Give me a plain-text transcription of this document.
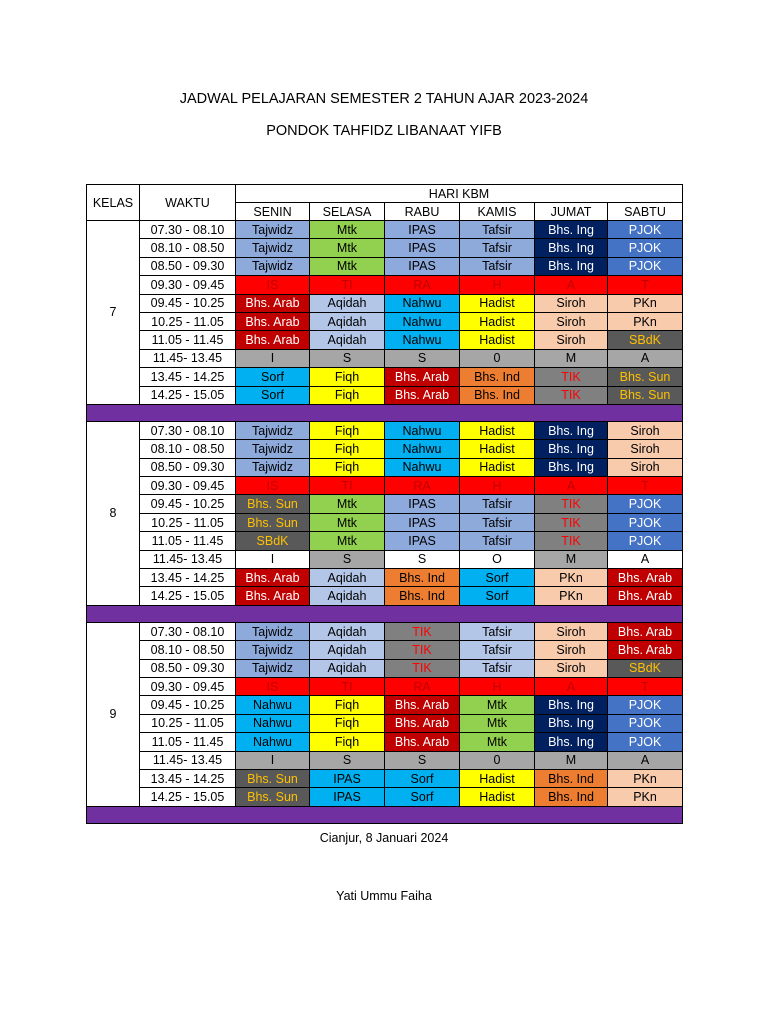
JADWAL PELAJARAN SEMESTER 2 TAHUN AJAR 2023-2024
PONDOK TAHFIDZ LIBANAAT YIFB
KELAS	WAKTU	HARI KBM					
		SENIN	SELASA	RABU	KAMIS	JUMAT	SABTU
7	07.30 - 08.10	Tajwidz	Mtk	IPAS	Tafsir	Bhs. Ing	PJOK
	08.10 - 08.50	Tajwidz	Mtk	IPAS	Tafsir	Bhs. Ing	PJOK
	08.50 - 09.30	Tajwidz	Mtk	IPAS	Tafsir	Bhs. Ing	PJOK
	09.30 - 09.45	IS	TI	RA	H	A	T
	09.45 - 10.25	Bhs. Arab	Aqidah	Nahwu	Hadist	Siroh	PKn
	10.25 - 11.05	Bhs. Arab	Aqidah	Nahwu	Hadist	Siroh	PKn
	11.05 - 11.45	Bhs. Arab	Aqidah	Nahwu	Hadist	Siroh	SBdK
	11.45- 13.45	I	S	S	0	M	A
	13.45 - 14.25	Sorf	Fiqh	Bhs. Arab	Bhs. Ind	TIK	Bhs. Sun
	14.25 - 15.05	Sorf	Fiqh	Bhs. Arab	Bhs. Ind	TIK	Bhs. Sun

8	07.30 - 08.10	Tajwidz	Fiqh	Nahwu	Hadist	Bhs. Ing	Siroh
	08.10 - 08.50	Tajwidz	Fiqh	Nahwu	Hadist	Bhs. Ing	Siroh
	08.50 - 09.30	Tajwidz	Fiqh	Nahwu	Hadist	Bhs. Ing	Siroh
	09.30 - 09.45	IS	TI	RA	H	A	T
	09.45 - 10.25	Bhs. Sun	Mtk	IPAS	Tafsir	TIK	PJOK
	10.25 - 11.05	Bhs. Sun	Mtk	IPAS	Tafsir	TIK	PJOK
	11.05 - 11.45	SBdK	Mtk	IPAS	Tafsir	TIK	PJOK
	11.45- 13.45	I	S	S	O	M	A
	13.45 - 14.25	Bhs. Arab	Aqidah	Bhs. Ind	Sorf	PKn	Bhs. Arab
	14.25 - 15.05	Bhs. Arab	Aqidah	Bhs. Ind	Sorf	PKn	Bhs. Arab

9	07.30 - 08.10	Tajwidz	Aqidah	TIK	Tafsir	Siroh	Bhs. Arab
	08.10 - 08.50	Tajwidz	Aqidah	TIK	Tafsir	Siroh	Bhs. Arab
	08.50 - 09.30	Tajwidz	Aqidah	TIK	Tafsir	Siroh	SBdK
	09.30 - 09.45	IS	TI	RA	H	A	T
	09.45 - 10.25	Nahwu	Fiqh	Bhs. Arab	Mtk	Bhs. Ing	PJOK
	10.25 - 11.05	Nahwu	Fiqh	Bhs. Arab	Mtk	Bhs. Ing	PJOK
	11.05 - 11.45	Nahwu	Fiqh	Bhs. Arab	Mtk	Bhs. Ing	PJOK
	11.45- 13.45	I	S	S	0	M	A
	13.45 - 14.25	Bhs. Sun	IPAS	Sorf	Hadist	Bhs. Ind	PKn
	14.25 - 15.05	Bhs. Sun	IPAS	Sorf	Hadist	Bhs. Ind	PKn

Cianjur, 8 Januari 2024
Yati Ummu Faiha
